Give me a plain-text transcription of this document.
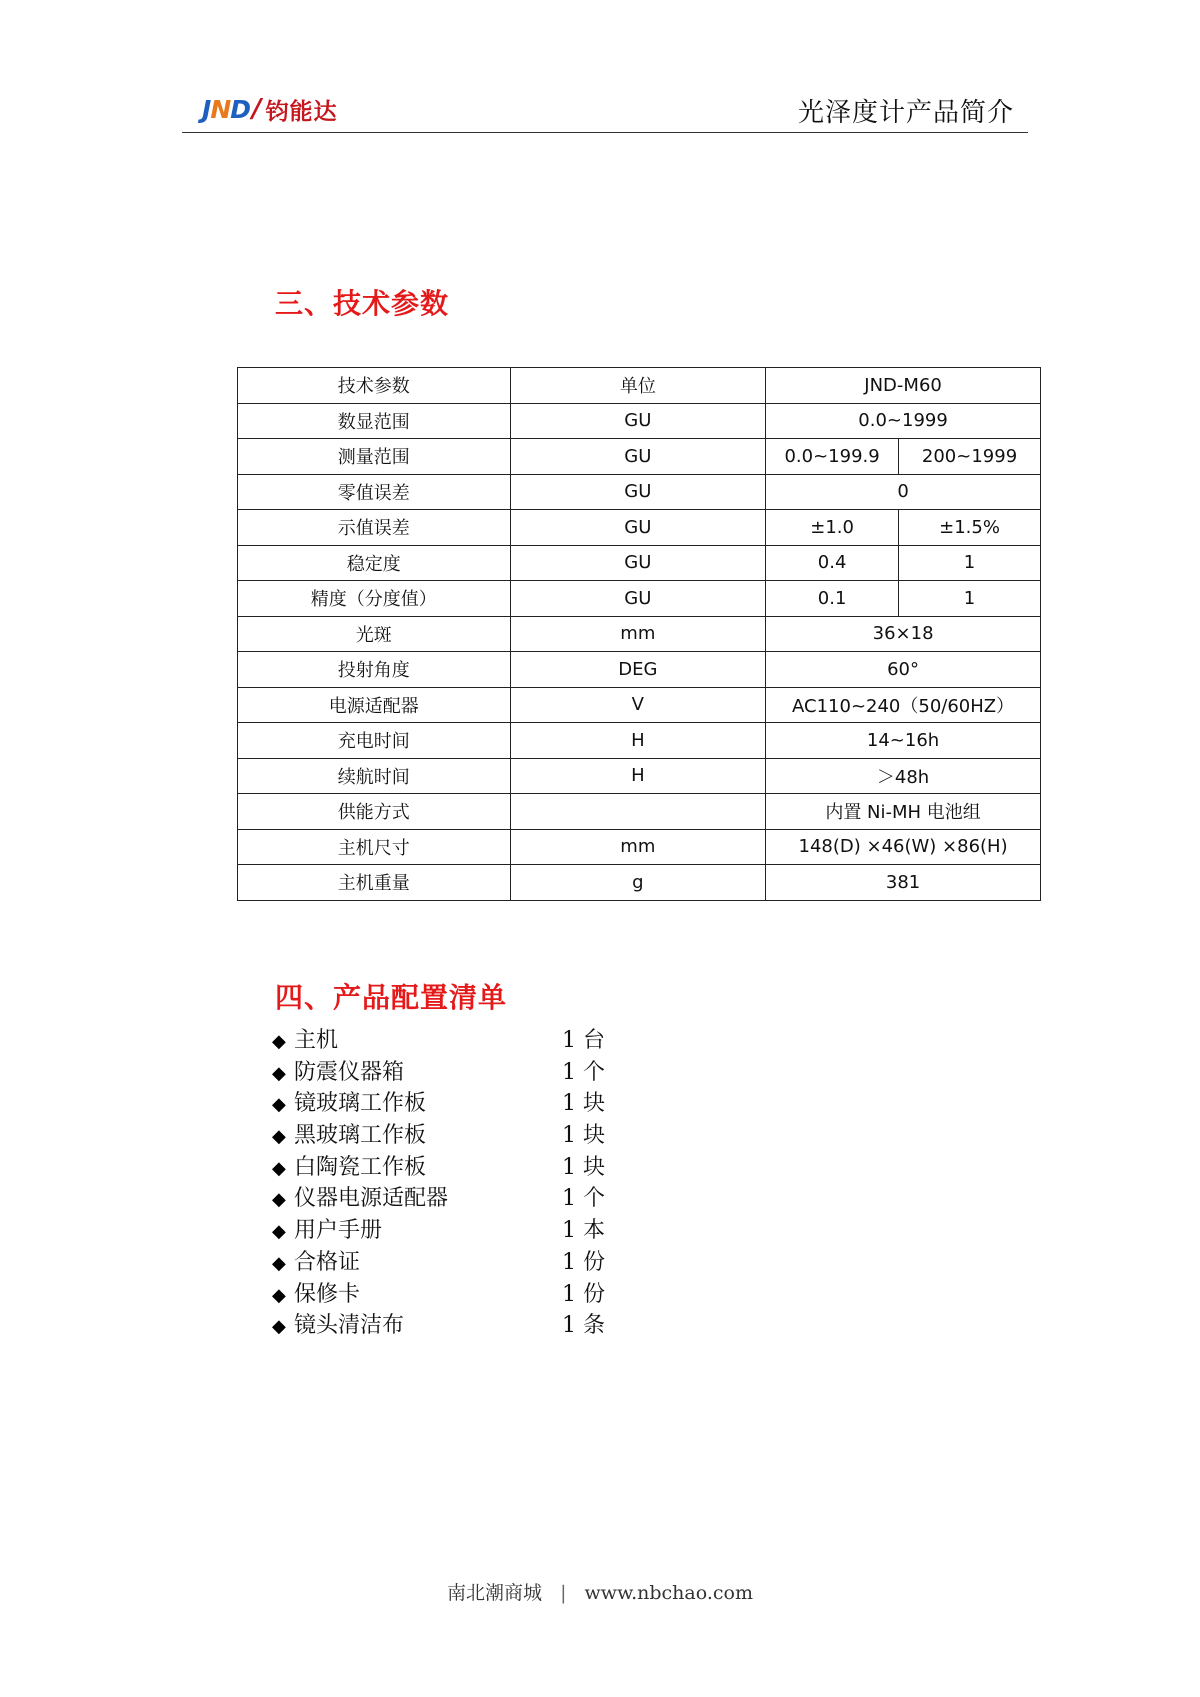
JND / 钧能达	光泽度计产品简介
三、技术参数
技术参数	单位	JND-M60	
数显范围	GU	0.0~1999	
测量范围	GU	0.0~199.9	200~1999
零值误差	GU	0	
示值误差	GU	±1.0	±1.5%
稳定度	GU	0.4	1
精度（分度值）	GU	0.1	1
光斑	mm	36×18	
投射角度	DEG	60°	
电源适配器	V	AC110~240（50/60HZ）	
充电时间	H	14~16h	
续航时间	H	＞48h	
供能方式		内置 Ni-MH 电池组	
主机尺寸	mm	148(D) ×46(W) ×86(H)	
主机重量	g	381	
四、产品配置清单
◆ 主机	1 台
◆ 防震仪器箱	1 个
◆ 镜玻璃工作板	1 块
◆ 黑玻璃工作板	1 块
◆ 白陶瓷工作板	1 块
◆ 仪器电源适配器	1 个
◆ 用户手册	1 本
◆ 合格证	1 份
◆ 保修卡	1 份
◆ 镜头清洁布	1 条
南北潮商城 | www.nbchao.com
